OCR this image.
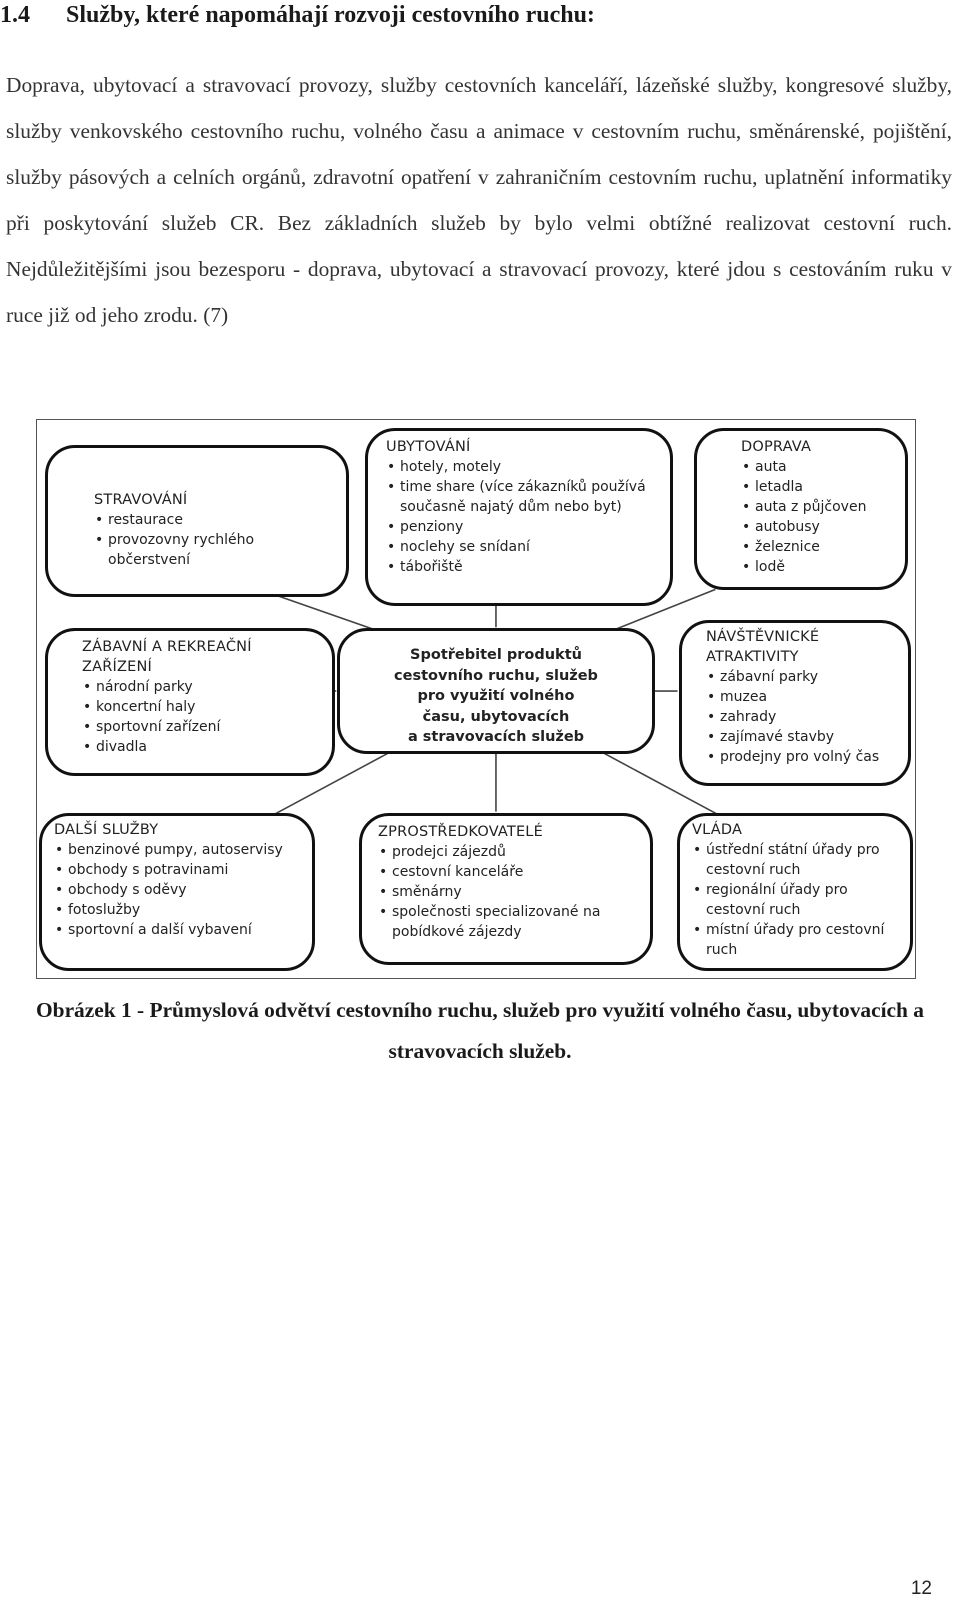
1.4 Služby, které napomáhají rozvoji cestovního ruchu:

Doprava, ubytovací a stravovací provozy, služby cestovních kanceláří, lázeňské služby, kongresové služby, služby venkovského cestovního ruchu, volného času a animace v cestovním ruchu, směnárenské, pojištění, služby pásových a celních orgánů, zdravotní opatření v zahraničním cestovním ruchu, uplatnění informatiky při poskytování služeb CR. Bez základních služeb by bylo velmi obtížné realizovat cestovní ruch. Nejdůležitějšími jsou bezesporu - doprava, ubytovací a stravovací provozy, které jdou s cestováním ruku v ruce již od jeho zrodu. (7)

STRAVOVÁNÍ
• restaurace
• provozovny rychlého občerstvení
UBYTOVÁNÍ
• hotely, motely
• time share (více zákazníků používá současně najatý dům nebo byt)
• penziony
• noclehy se snídaní
• tábořiště
DOPRAVA
• auta
• letadla
• auta z půjčoven
• autobusy
• železnice
• lodě
ZÁBAVNÍ A REKREAČNÍ ZAŘÍZENÍ
• národní parky
• koncertní haly
• sportovní zařízení
• divadla
Spotřebitel produktů
cestovního ruchu, služeb
pro využití volného
času, ubytovacích
a stravovacích služeb
NÁVŠTĚVNICKÉ ATRAKTIVITY
• zábavní parky
• muzea
• zahrady
• zajímavé stavby
• prodejny pro volný čas
DALŠÍ SLUŽBY
• benzinové pumpy, autoservisy
• obchody s potravinami
• obchody s oděvy
• fotoslužby
• sportovní a další vybavení
ZPROSTŘEDKOVATELÉ
• prodejci zájezdů
• cestovní kanceláře
• směnárny
• společnosti specializované na pobídkové zájezdy
VLÁDA
• ústřední státní úřady pro cestovní ruch
• regionální úřady pro cestovní ruch
• místní úřady pro cestovní ruch
Obrázek 1 - Průmyslová odvětví cestovního ruchu, služeb pro využití volného času, ubytovacích a stravovacích služeb.
12
